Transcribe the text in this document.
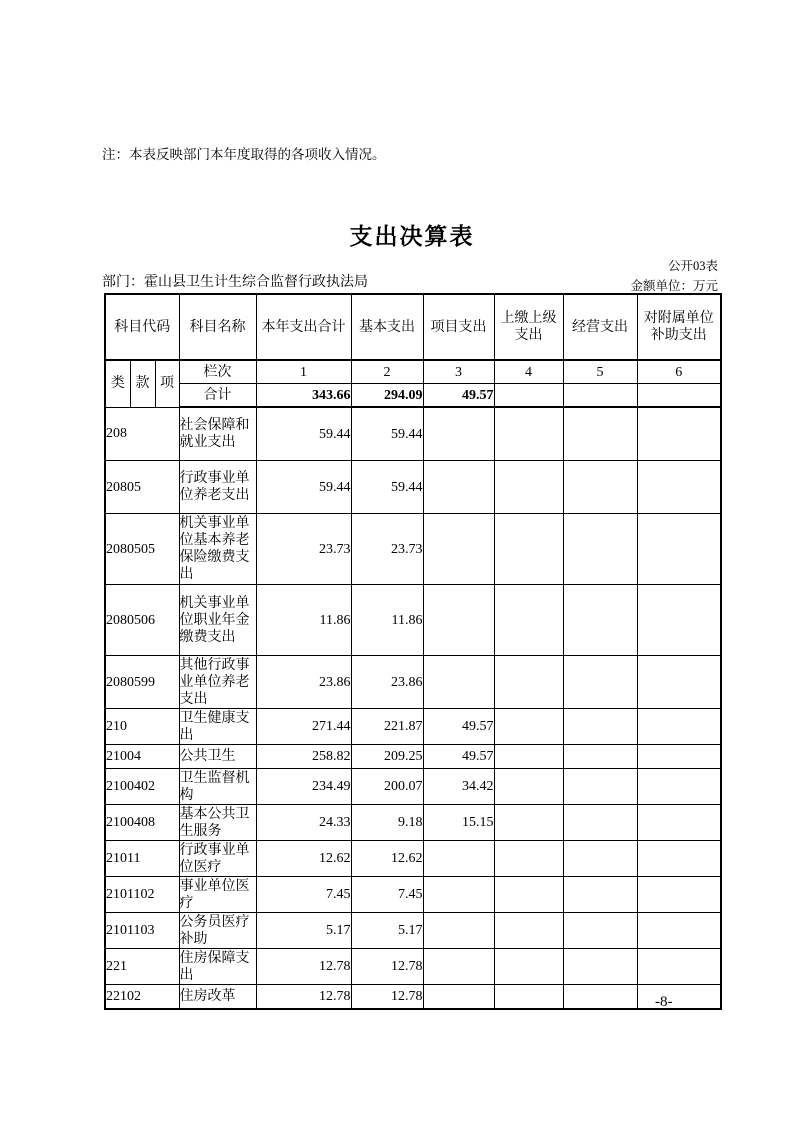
注：本表反映部门本年度取得的各项收入情况。
支出决算表
公开03表
部门：霍山县卫生计生综合监督行政执法局	金额单位：万元
科目代码			科目名称	本年支出合计	基本支出	项目支出	上缴上级支出	经营支出	对附属单位补助支出
类	款	项	栏次	1	2	3	4	5	6
			合计	343.66	294.09	49.57			
208			社会保障和就业支出	59.44	59.44				
20805			行政事业单位养老支出	59.44	59.44				
2080505			机关事业单位基本养老保险缴费支出	23.73	23.73				
2080506			机关事业单位职业年金缴费支出	11.86	11.86				
2080599			其他行政事业单位养老支出	23.86	23.86				
210			卫生健康支出	271.44	221.87	49.57			
21004			公共卫生	258.82	209.25	49.57			
2100402			卫生监督机构	234.49	200.07	34.42			
2100408			基本公共卫生服务	24.33	9.18	15.15			
21011			行政事业单位医疗	12.62	12.62				
2101102			事业单位医疗	7.45	7.45				
2101103			公务员医疗补助	5.17	5.17				
221			住房保障支出	12.78	12.78				
22102			住房改革	12.78	12.78					-8-
